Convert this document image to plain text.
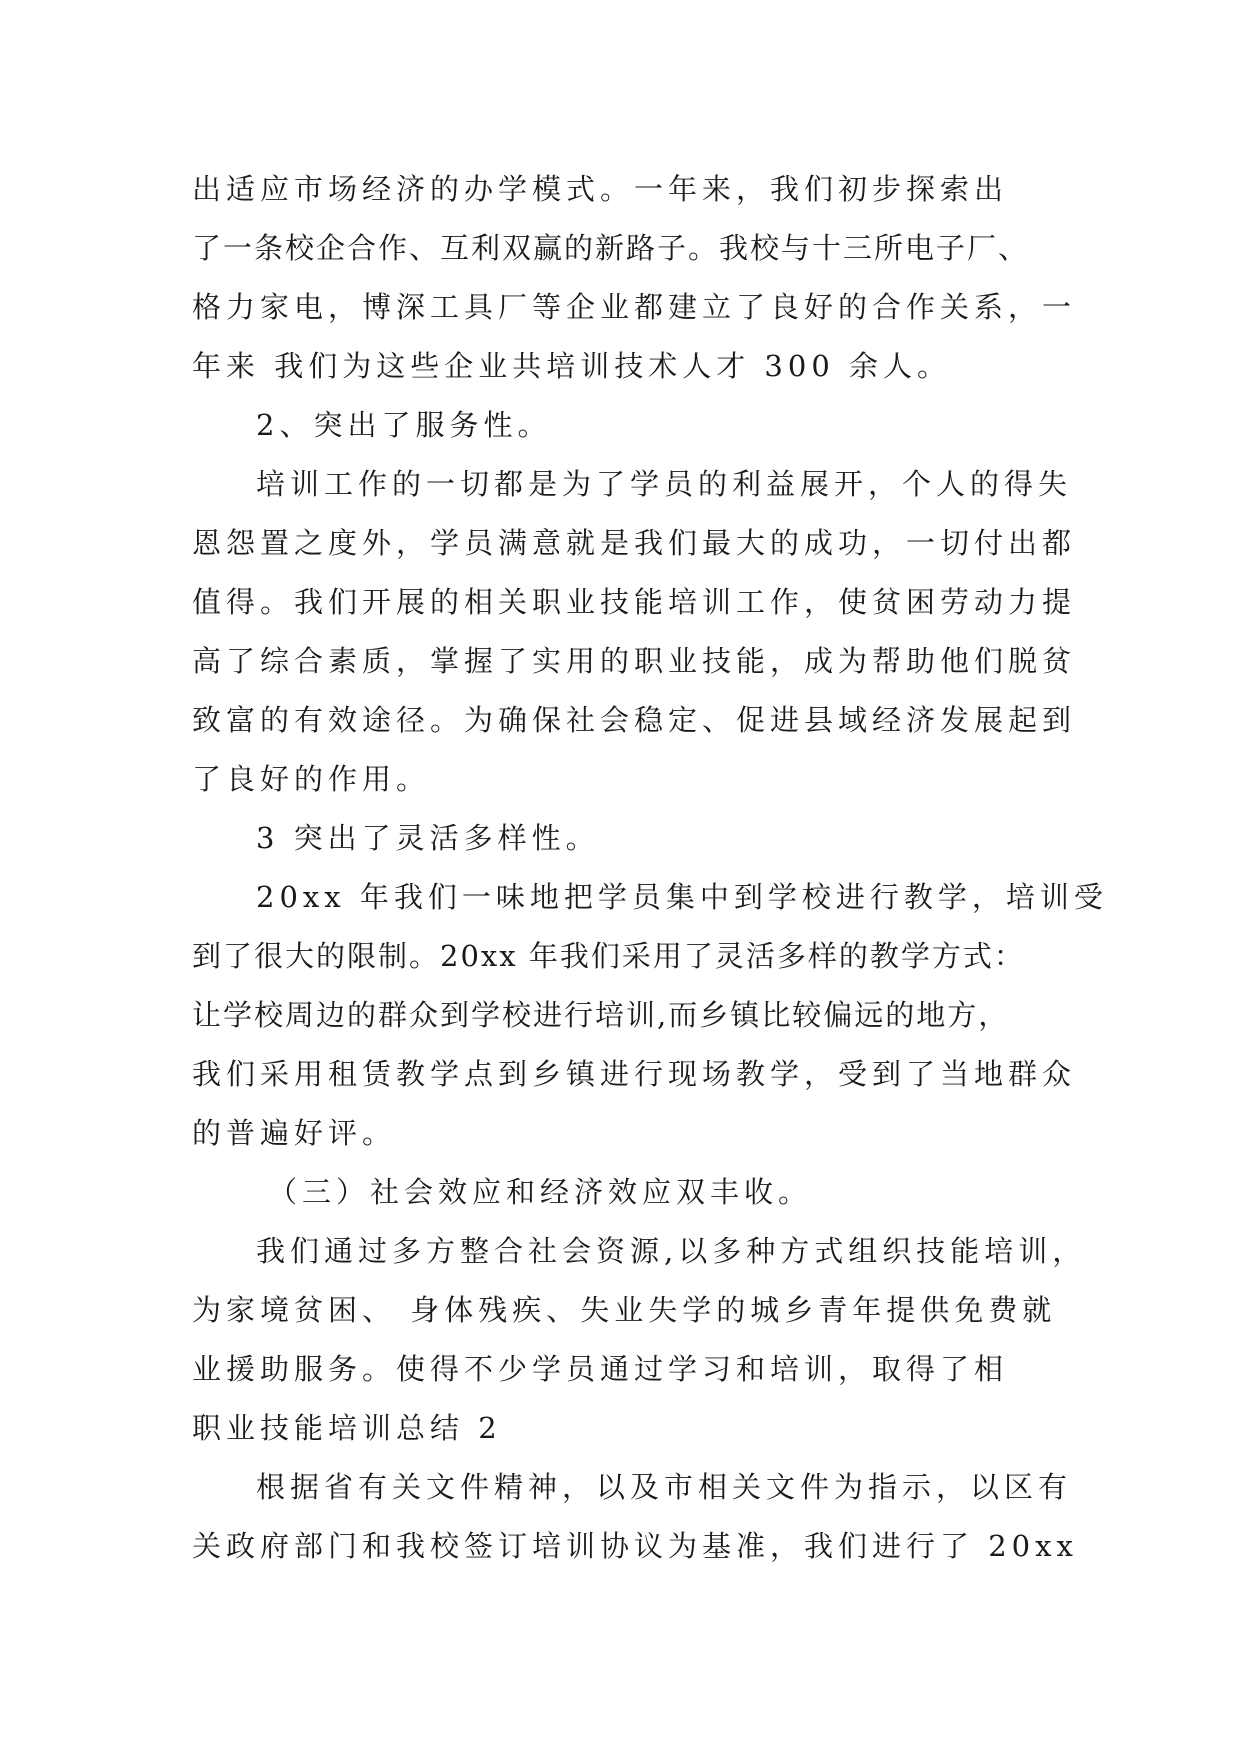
出适应市场经济的办学模式。一年来，我们初步探索出
了一条校企合作、互利双赢的新路子。我校与十三所电子厂、
格力家电，博深工具厂等企业都建立了良好的合作关系，一
年来 我们为这些企业共培训技术人才 300 余人。
2、突出了服务性。
培训工作的一切都是为了学员的利益展开，个人的得失
恩怨置之度外，学员满意就是我们最大的成功，一切付出都
值得。我们开展的相关职业技能培训工作，使贫困劳动力提
高了综合素质，掌握了实用的职业技能，成为帮助他们脱贫
致富的有效途径。为确保社会稳定、促进县域经济发展起到
了良好的作用。
3 突出了灵活多样性。
20xx 年我们一味地把学员集中到学校进行教学，培训受
到了很大的限制。20xx 年我们采用了灵活多样的教学方式：
让学校周边的群众到学校进行培训,而乡镇比较偏远的地方，
我们采用租赁教学点到乡镇进行现场教学，受到了当地群众
的普遍好评。
（三）社会效应和经济效应双丰收。
我们通过多方整合社会资源,以多种方式组织技能培训，
为家境贫困、 身体残疾、失业失学的城乡青年提供免费就
业援助服务。使得不少学员通过学习和培训，取得了相
职业技能培训总结 2
根据省有关文件精神，以及市相关文件为指示，以区有
关政府部门和我校签订培训协议为基准，我们进行了 20xx
